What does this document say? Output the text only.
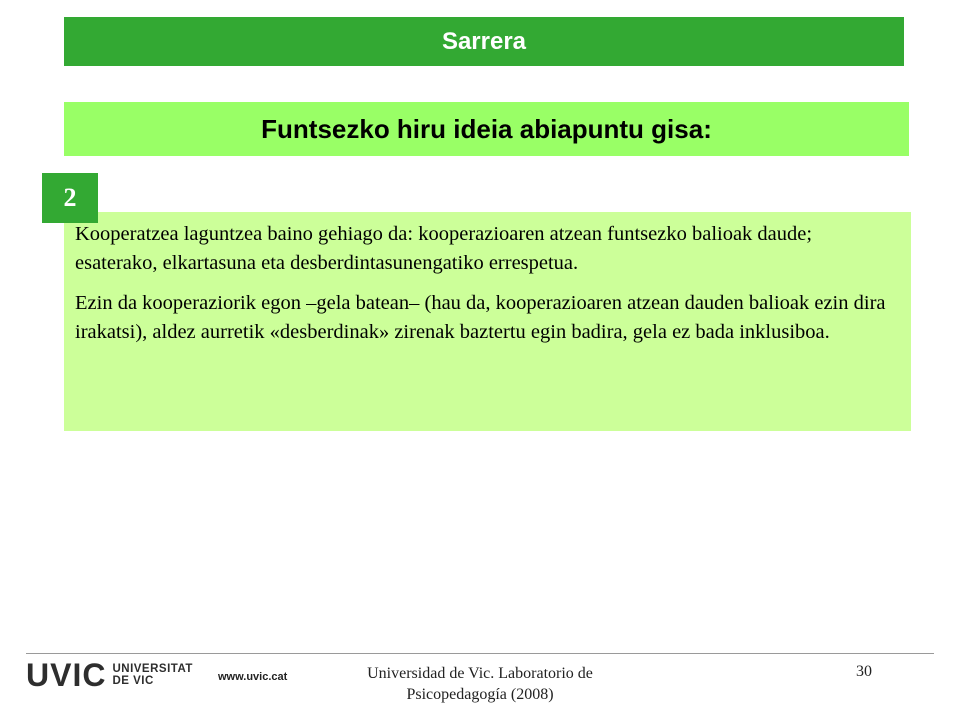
Sarrera
Funtsezko hiru ideia abiapuntu gisa:

Kooperatzea laguntzea baino gehiago da: kooperazioaren atzean funtsezko balioak daude; esaterako, elkartasuna eta desberdintasunengatiko errespetua.

Ezin da kooperaziorik egon –gela batean– (hau da, kooperazioaren atzean dauden balioak ezin dira irakatsi), aldez aurretik «desberdinak» zirenak baztertu egin badira, gela ez bada inklusiboa.

2
UVIC UNIVERSITAT
DE VIC	www.uvic.cat	Universidad de Vic. Laboratorio de Psicopedagogía (2008)
30
